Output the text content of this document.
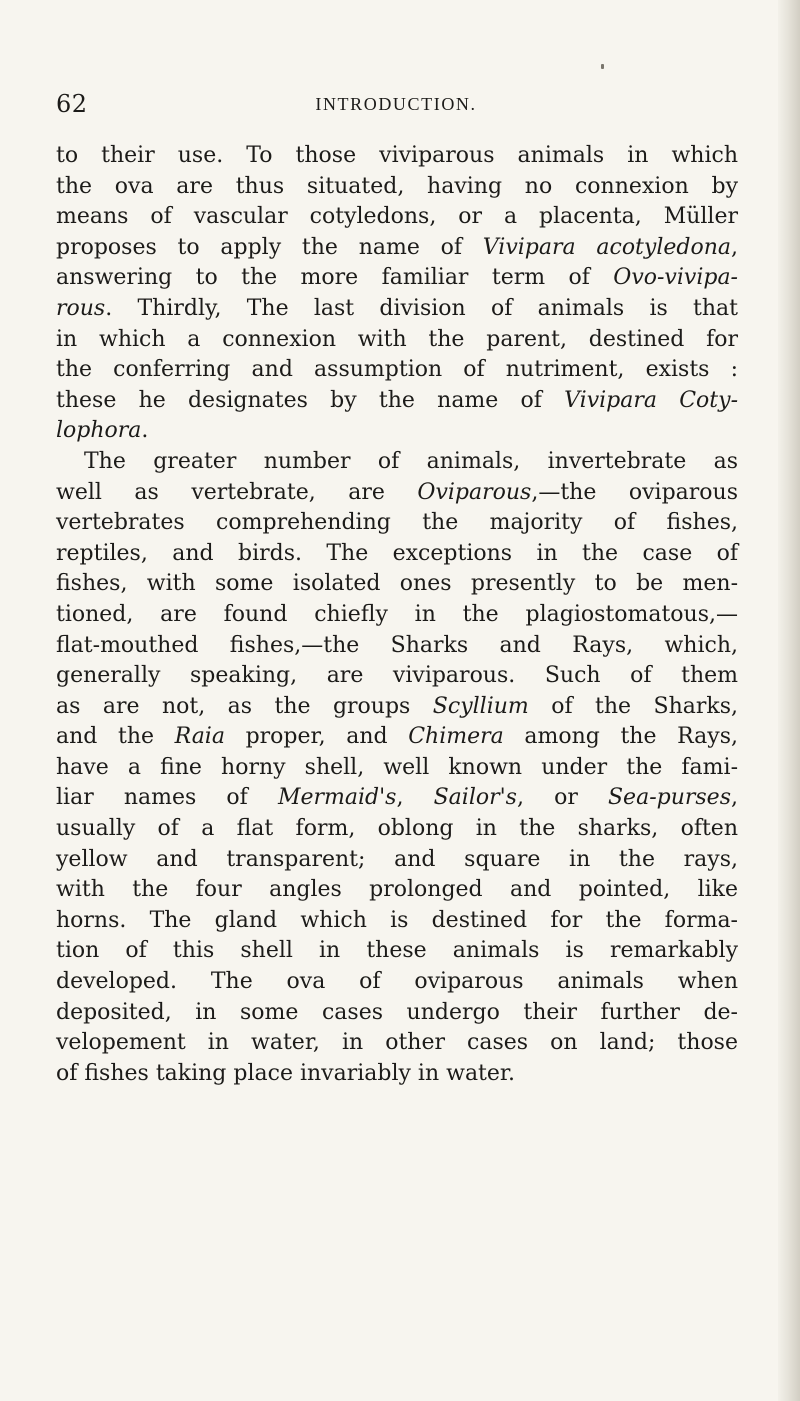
62	INTRODUCTION.
to their use. To those viviparous animals in which
the ova are thus situated, having no connexion by
means of vascular cotyledons, or a placenta, Müller
proposes to apply the name of Vivipara acotyledona,
answering to the more familiar term of Ovo-vivipa-
rous. Thirdly, The last division of animals is that
in which a connexion with the parent, destined for
the conferring and assumption of nutriment, exists :
these he designates by the name of Vivipara Coty-
lophora.
The greater number of animals, invertebrate as
well as vertebrate, are Oviparous,—the oviparous
vertebrates comprehending the majority of fishes,
reptiles, and birds. The exceptions in the case of
fishes, with some isolated ones presently to be men-
tioned, are found chiefly in the plagiostomatous,—
flat-mouthed fishes,—the Sharks and Rays, which,
generally speaking, are viviparous. Such of them
as are not, as the groups Scyllium of the Sharks,
and the Raia proper, and Chimera among the Rays,
have a fine horny shell, well known under the fami-
liar names of Mermaid's, Sailor's, or Sea-purses,
usually of a flat form, oblong in the sharks, often
yellow and transparent; and square in the rays,
with the four angles prolonged and pointed, like
horns. The gland which is destined for the forma-
tion of this shell in these animals is remarkably
developed. The ova of oviparous animals when
deposited, in some cases undergo their further de-
velopement in water, in other cases on land; those
of fishes taking place invariably in water.
